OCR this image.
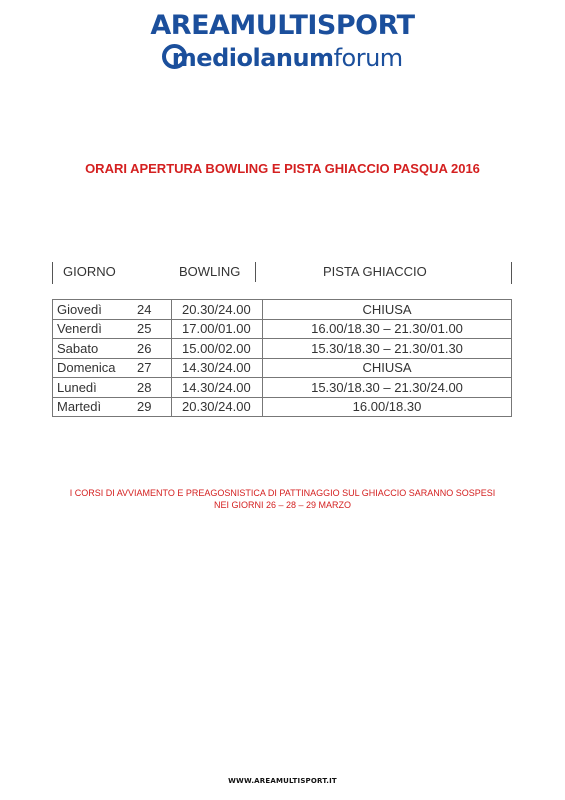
AREAMULTISPORT
mediolanumforum
ORARI APERTURA BOWLING E PISTA GHIACCIO PASQUA 2016
GIORNO	BOWLING	PISTA GHIACCIO
Giovedì	24	20.30/24.00	CHIUSA
Venerdì	25	17.00/01.00	16.00/18.30 – 21.30/01.00
Sabato	26	15.00/02.00	15.30/18.30 – 21.30/01.30
Domenica	27	14.30/24.00	CHIUSA
Lunedì	28	14.30/24.00	15.30/18.30 – 21.30/24.00
Martedì	29	20.30/24.00	16.00/18.30
I CORSI DI AVVIAMENTO E PREAGOSNISTICA DI PATTINAGGIO SUL GHIACCIO SARANNO SOSPESI
NEI GIORNI 26 – 28 – 29 MARZO
WWW.AREAMULTISPORT.IT
